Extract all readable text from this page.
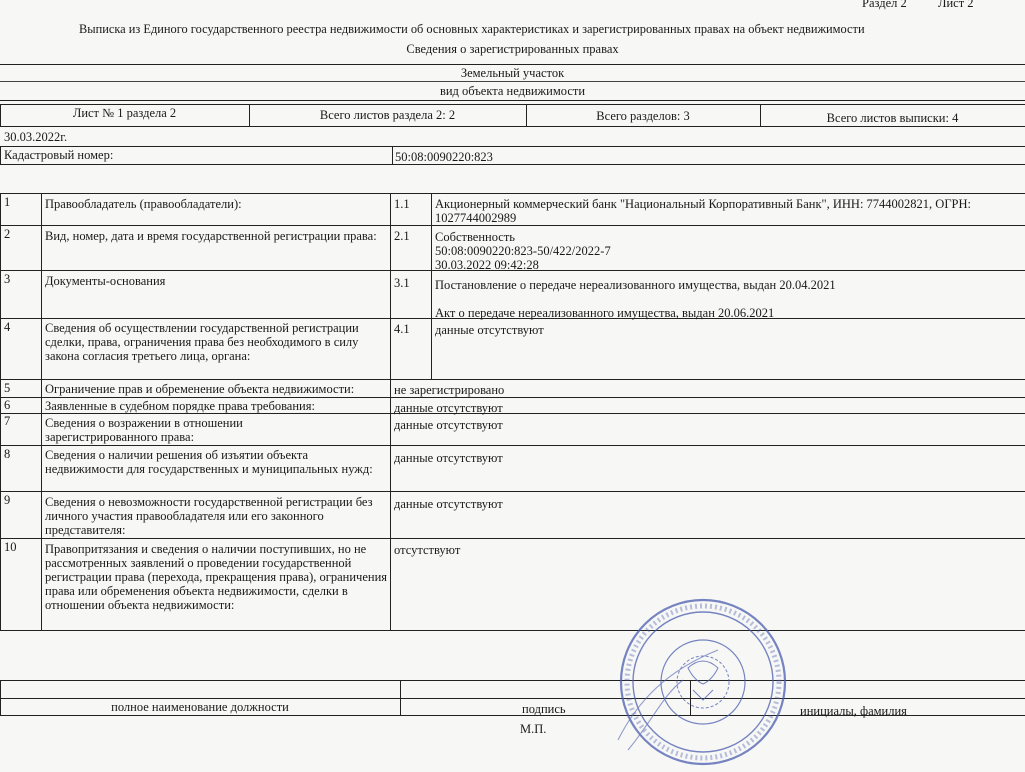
Раздел 2	Лист 2
Выписка из Единого государственного реестра недвижимости об основных характеристиках и зарегистрированных правах на объект недвижимости
Сведения о зарегистрированных правах
Земельный участок
вид объекта недвижимости
Лист № 1 раздела 2	Всего листов раздела 2: 2	Всего разделов: 3	Всего листов выписки: 4
30.03.2022г.
Кадастровый номер:	50:08:0090220:823
1	Правообладатель (правообладатели):	1.1 Акционерный коммерческий банк "Национальный Корпоративный Банк", ИНН: 7744002821, ОГРН: 1027744002989
2	Вид, номер, дата и время государственной регистрации права:	2.1 Собственность
50:08:0090220:823-50/422/2022-7
30.03.2022 09:42:28
3	Документы-основания	3.1 Постановление о передаче нереализованного имущества, выдан 20.04.2021
Акт о передаче нереализованного имущества, выдан 20.06.2021
4	Сведения об осуществлении государственной регистрации сделки, права, ограничения права без необходимого в силу закона согласия третьего лица, органа:
4.1 данные отсутствуют
5	Ограничение прав и обременение объекта недвижимости:	не зарегистрировано
6	Заявленные в судебном порядке права требования:	данные отсутствуют
7	Сведения о возражении в отношении зарегистрированного права:
данные отсутствуют
8	Сведения о наличии решения об изъятии объекта недвижимости для государственных и муниципальных нужд:
данные отсутствуют
9	Сведения о невозможности государственной регистрации без личного участия правообладателя или его законного представителя:
данные отсутствуют
10 Правопритязания и сведения о наличии поступивших, но не рассмотренных заявлений о проведении государственной регистрации права (перехода, прекращения права), ограничения права или обременения объекта недвижимости, сделки в отношении объекта недвижимости:
отсутствуют
полное наименование должности	подпись	инициалы, фамилия
М.П.
